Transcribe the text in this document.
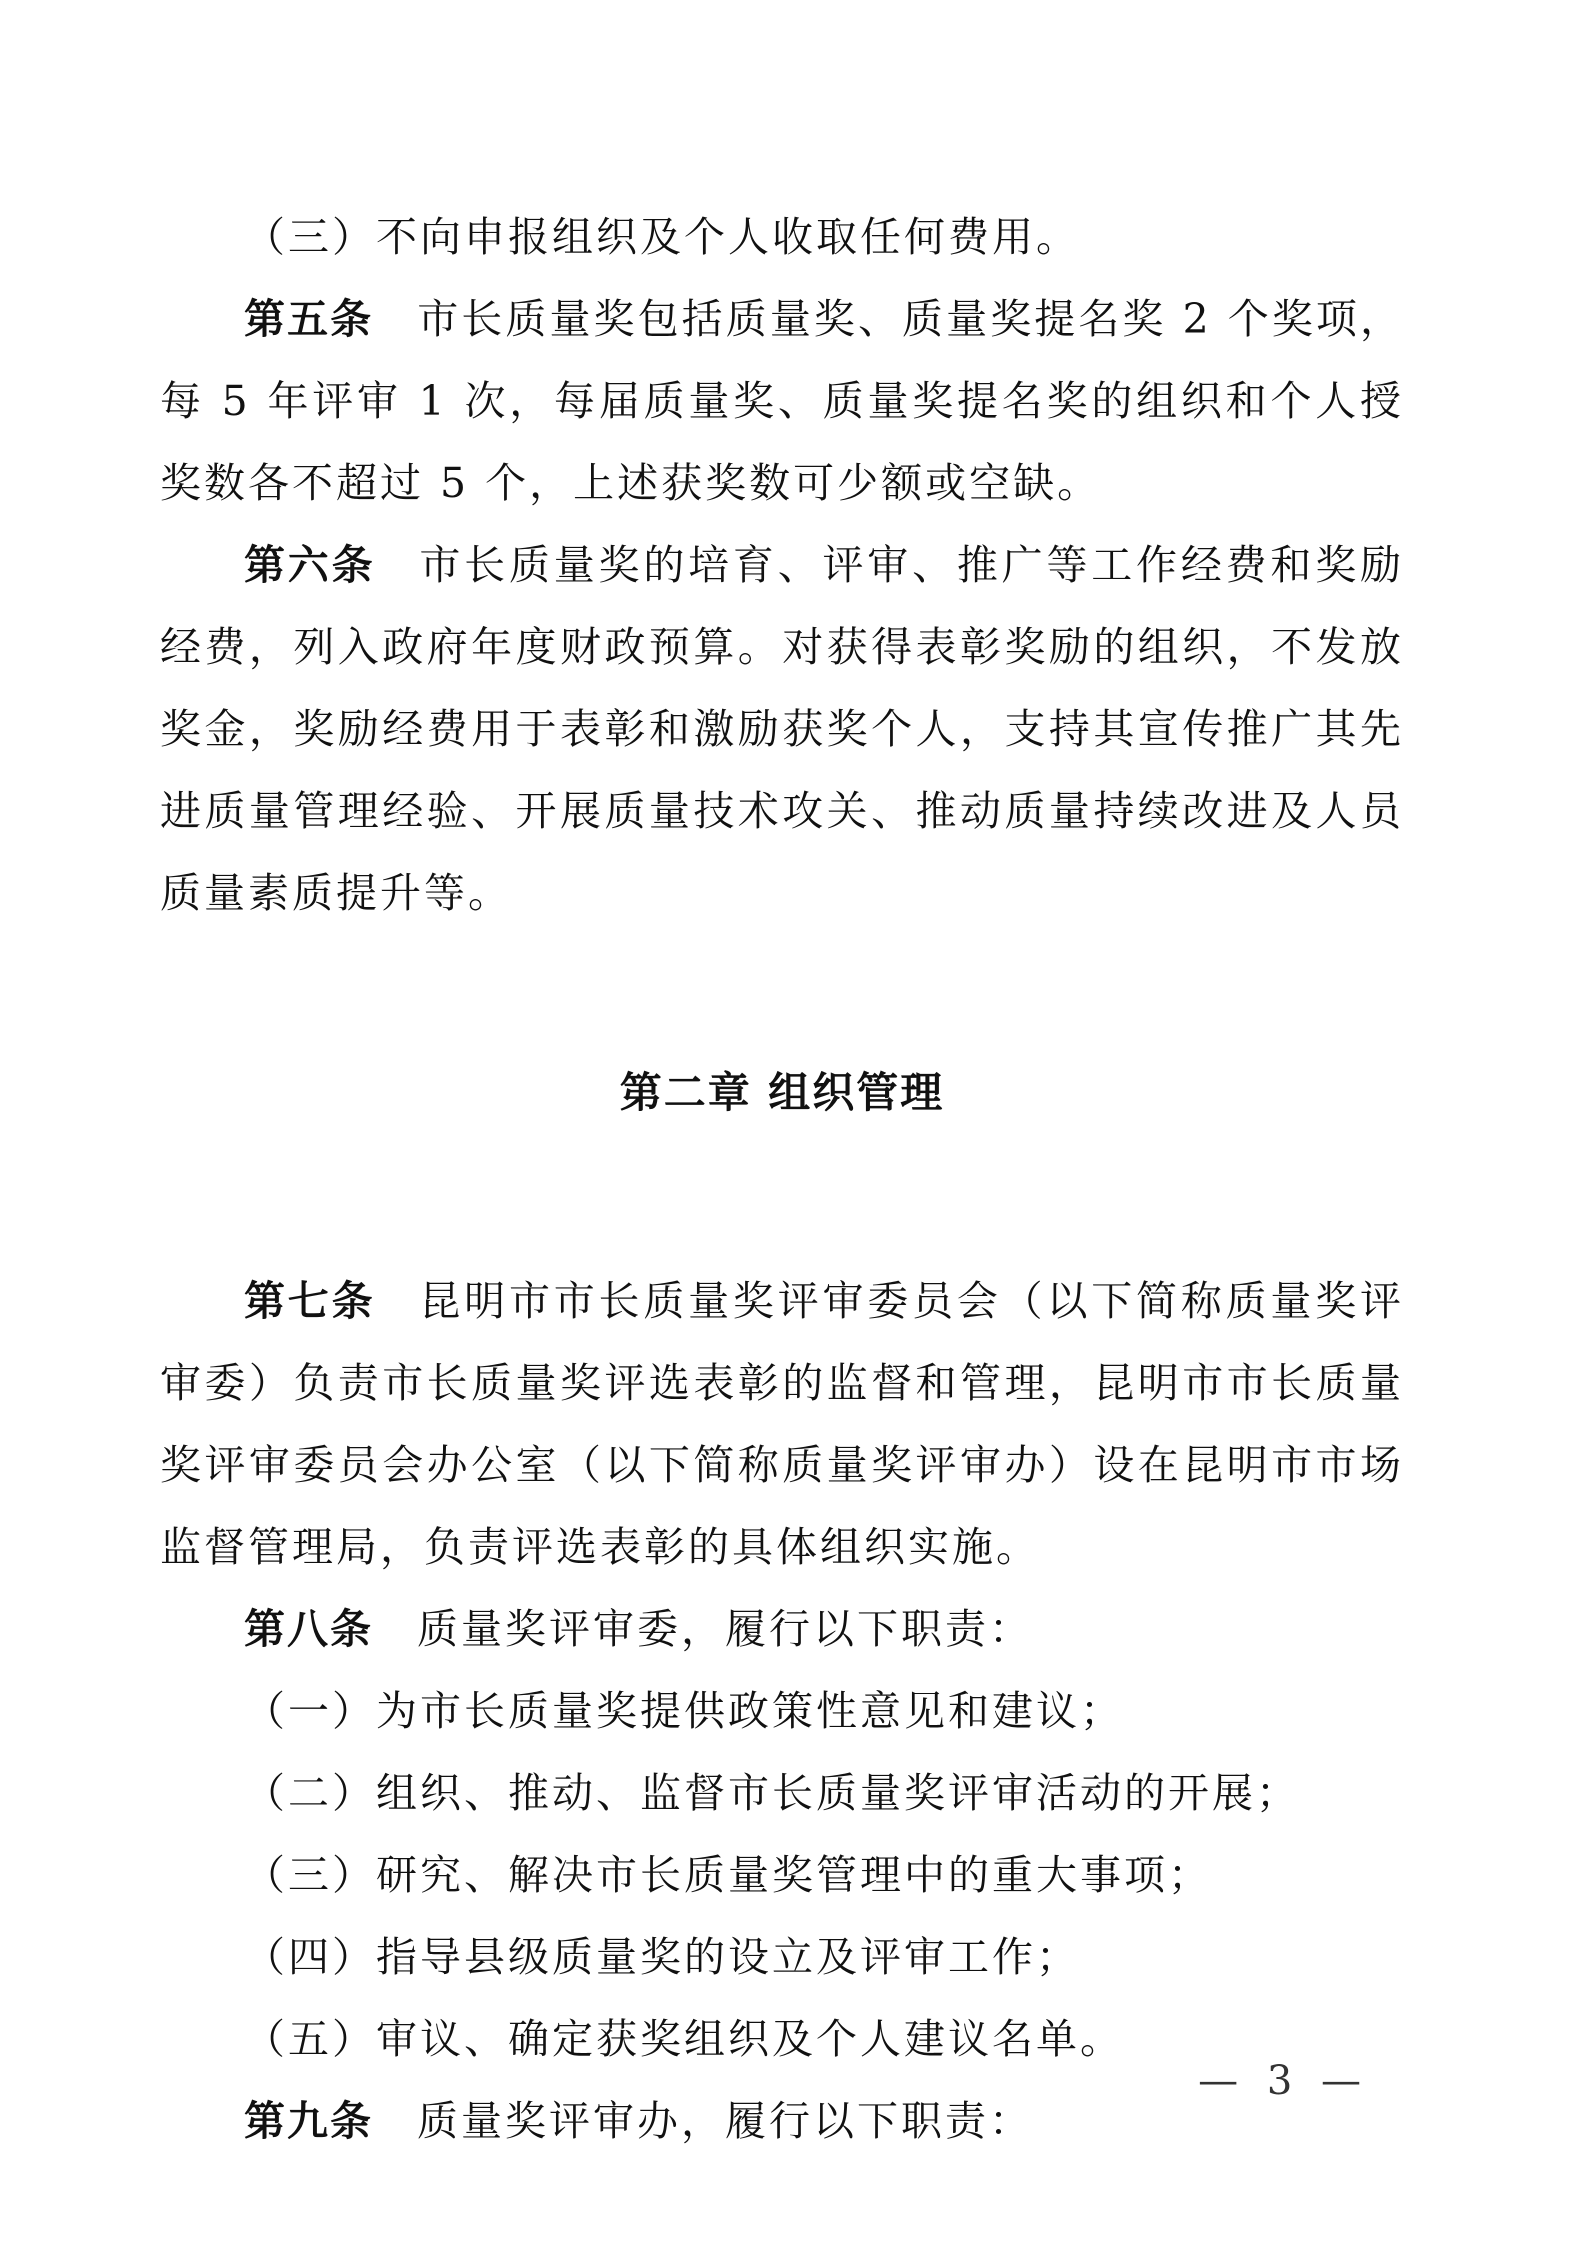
（三）不向申报组织及个人收取任何费用。

第五条 市长质量奖包括质量奖、质量奖提名奖 2 个奖项，每 5 年评审 1 次，每届质量奖、质量奖提名奖的组织和个人授奖数各不超过 5 个，上述获奖数可少额或空缺。

第六条 市长质量奖的培育、评审、推广等工作经费和奖励经费，列入政府年度财政预算。对获得表彰奖励的组织，不发放奖金，奖励经费用于表彰和激励获奖个人，支持其宣传推广其先进质量管理经验、开展质量技术攻关、推动质量持续改进及人员质量素质提升等。

第二章 组织管理

第七条 昆明市市长质量奖评审委员会（以下简称质量奖评审委）负责市长质量奖评选表彰的监督和管理，昆明市市长质量奖评审委员会办公室（以下简称质量奖评审办）设在昆明市市场监督管理局，负责评选表彰的具体组织实施。

第八条 质量奖评审委，履行以下职责：

（一）为市长质量奖提供政策性意见和建议；

（二）组织、推动、监督市长质量奖评审活动的开展；

（三）研究、解决市长质量奖管理中的重大事项；

（四）指导县级质量奖的设立及评审工作；

（五）审议、确定获奖组织及个人建议名单。

第九条 质量奖评审办，履行以下职责：

— 3 —
